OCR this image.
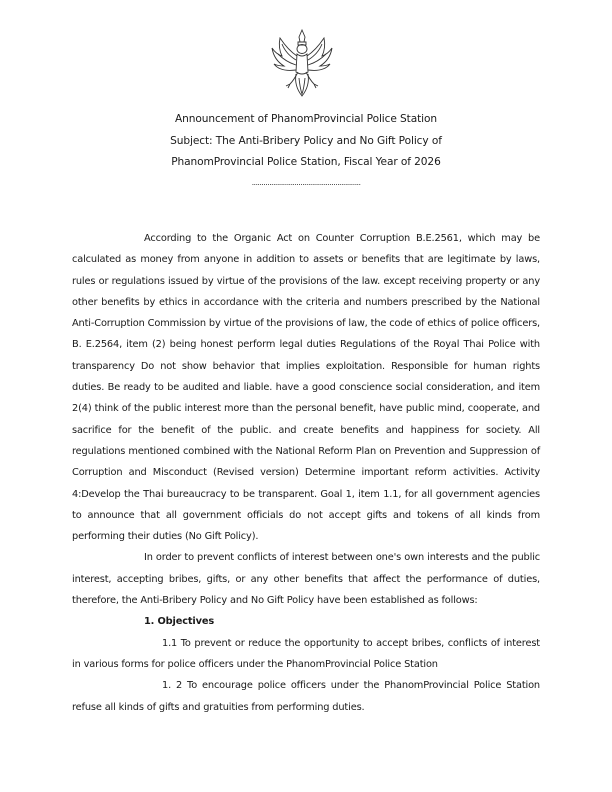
Announcement of PhanomProvincial Police Station
Subject: The Anti-Bribery Policy and No Gift Policy of
PhanomProvincial Police Station, Fiscal Year of 2026
........................................................

According to the Organic Act on Counter Corruption B.E.2561, which may be calculated as money from anyone in addition to assets or benefits that are legitimate by laws, rules or regulations issued by virtue of the provisions of the law. except receiving property or any other benefits by ethics in accordance with the criteria and numbers prescribed by the National Anti-Corruption Commission by virtue of the provisions of law, the code of ethics of police officers, B. E.2564, item (2) being honest perform legal duties Regulations of the Royal Thai Police with transparency Do not show behavior that implies exploitation. Responsible for human rights duties. Be ready to be audited and liable. have a good conscience social consideration, and item 2(4) think of the public interest more than the personal benefit, have public mind, cooperate, and sacrifice for the benefit of the public. and create benefits and happiness for society. All regulations mentioned combined with the National Reform Plan on Prevention and Suppression of Corruption and Misconduct (Revised version) Determine important reform activities. Activity 4:Develop the Thai bureaucracy to be transparent. Goal 1, item 1.1, for all government agencies to announce that all government officials do not accept gifts and tokens of all kinds from performing their duties (No Gift Policy).

In order to prevent conflicts of interest between one's own interests and the public interest, accepting bribes, gifts, or any other benefits that affect the performance of duties, therefore, the Anti-Bribery Policy and No Gift Policy have been established as follows:

1. Objectives

1.1 To prevent or reduce the opportunity to accept bribes, conflicts of interest in various forms for police officers under the PhanomProvincial Police Station

1. 2 To encourage police officers under the PhanomProvincial Police Station refuse all kinds of gifts and gratuities from performing duties.
